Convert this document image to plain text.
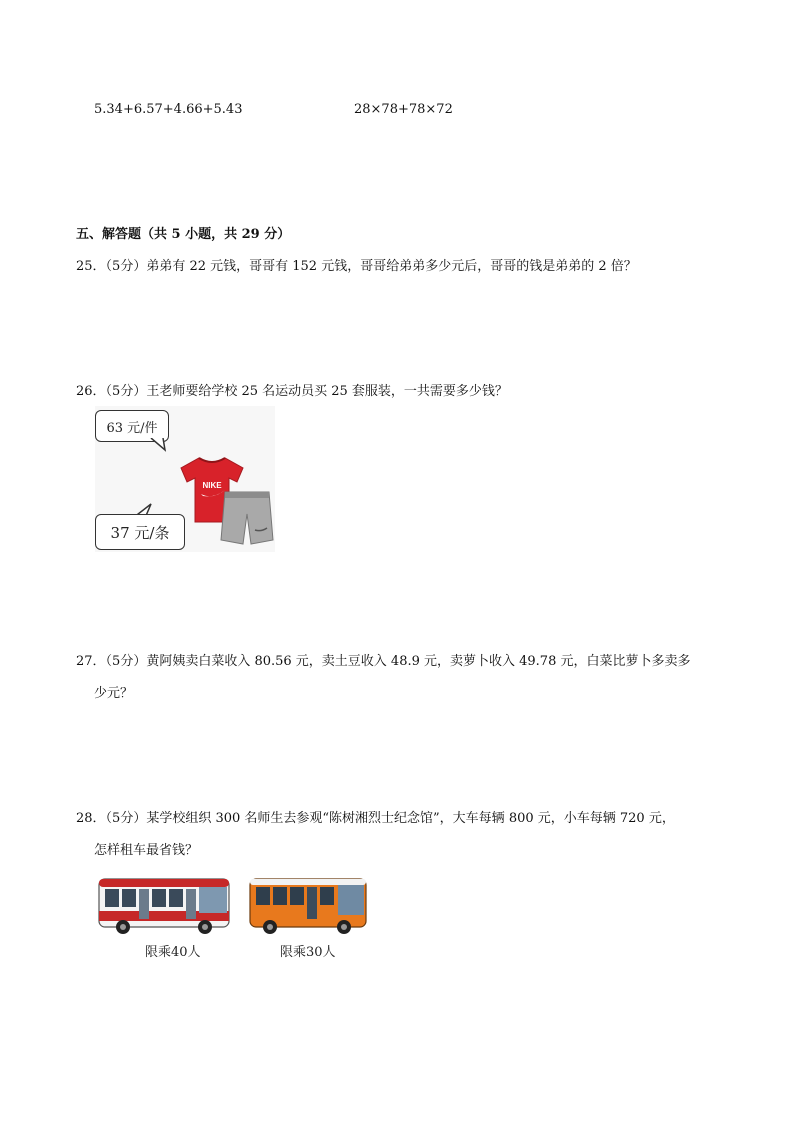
5.34+6.57+4.66+5.43	28×78+78×72
五、解答题（共 5 小题，共 29 分）
25．（5分）弟弟有 22 元钱，哥哥有 152 元钱，哥哥给弟弟多少元后，哥哥的钱是弟弟的 2 倍？
26．（5分）王老师要给学校 25 名运动员买 25 套服装，一共需要多少钱？
63 元/件
NIKE
37 元/条
27．（5分）黄阿姨卖白菜收入 80.56 元，卖土豆收入 48.9 元，卖萝卜收入 49.78 元，白菜比萝卜多卖多
少元？
28．（5分）某学校组织 300 名师生去参观“陈树湘烈士纪念馆”，大车每辆 800 元，小车每辆 720 元，
怎样租车最省钱？
限乘40人	限乘30人
